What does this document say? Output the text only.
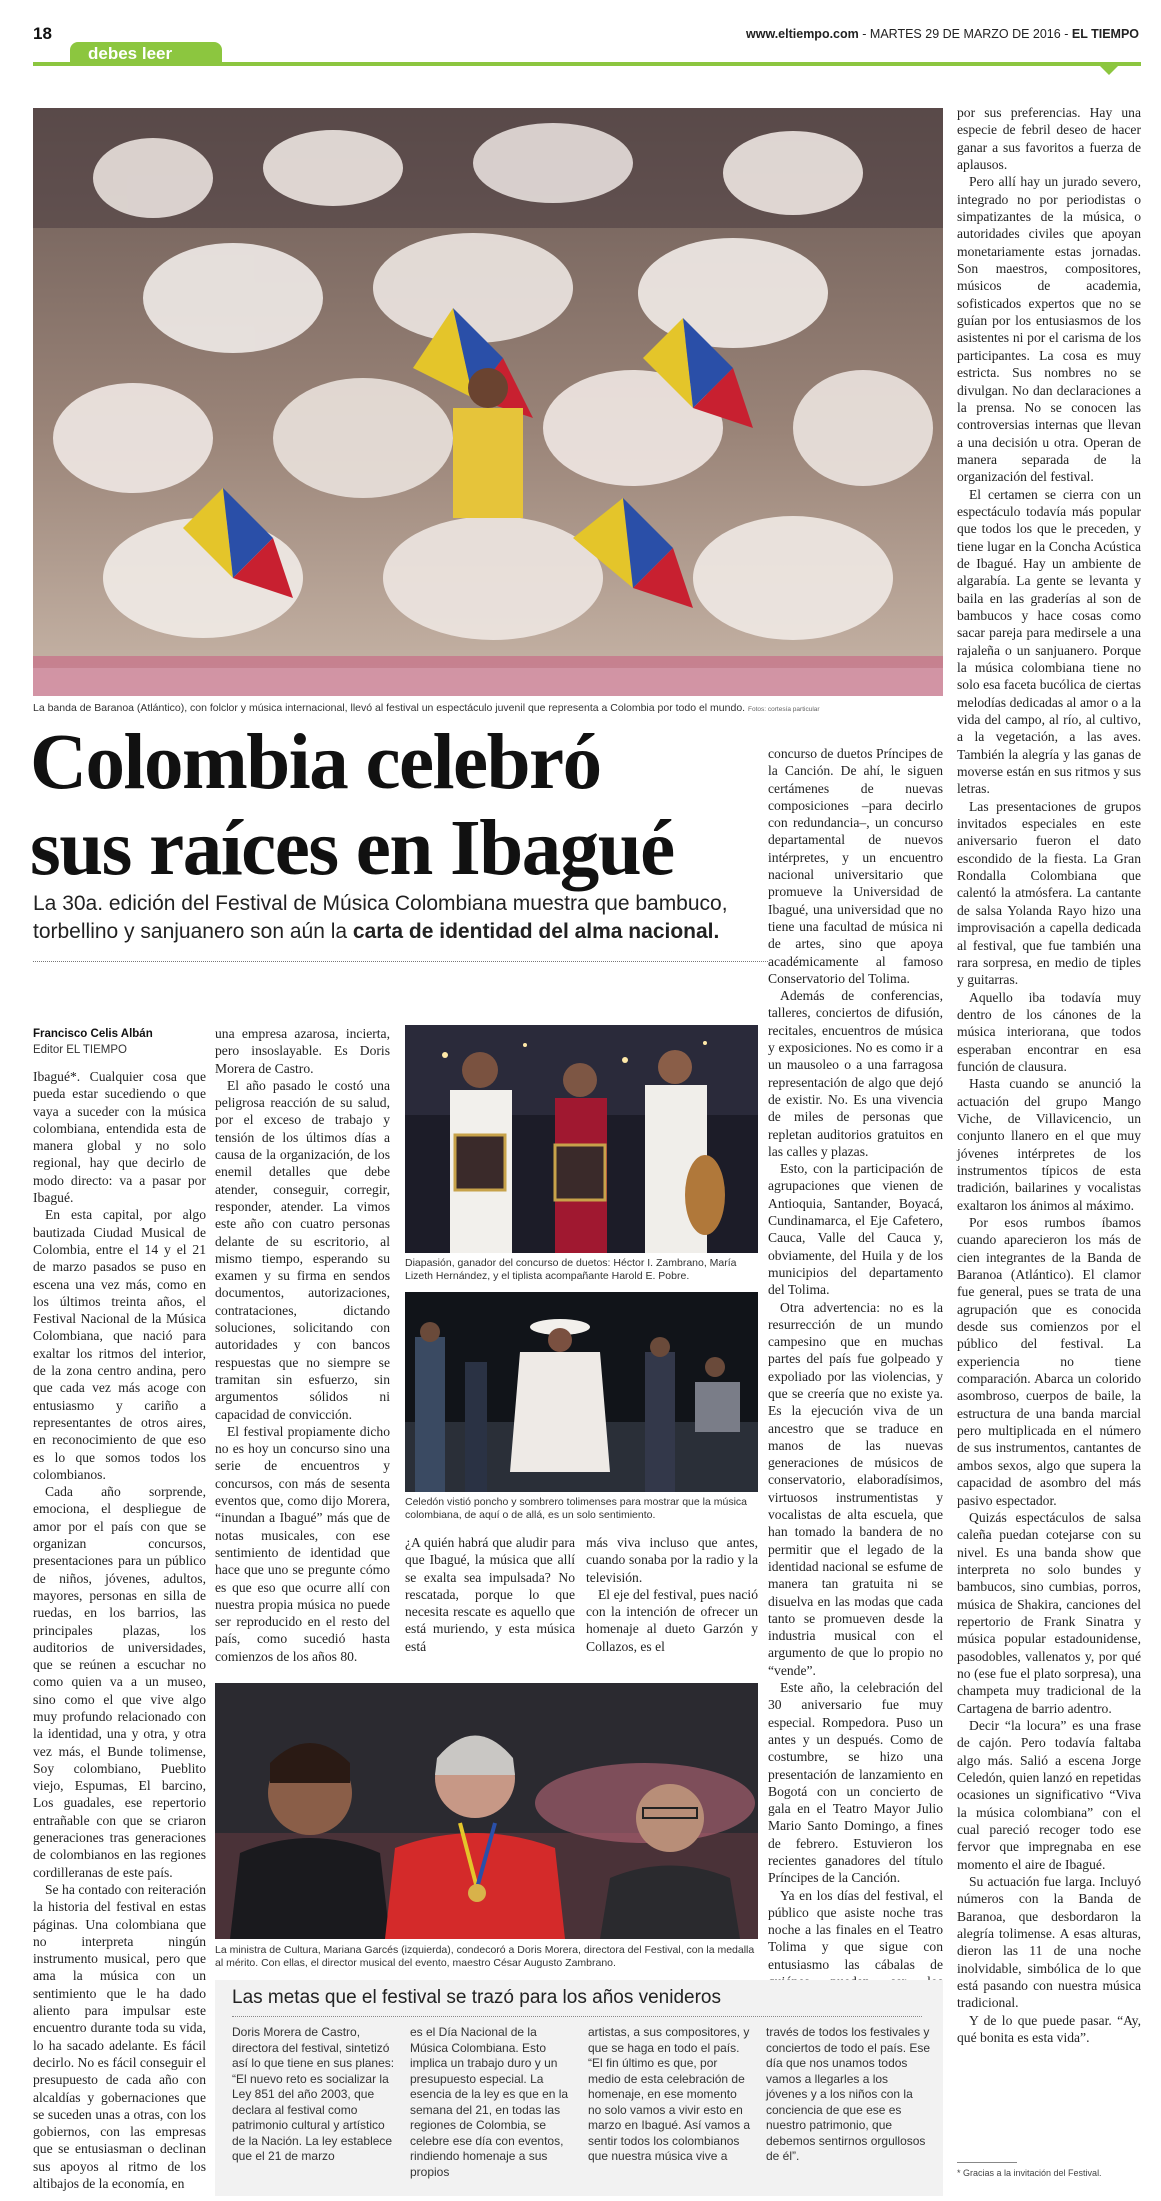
18	www.eltiempo.com - MARTES 29 DE MARZO DE 2016 - EL TIEMPO
debes leer
La banda de Baranoa (Atlántico), con folclor y música internacional, llevó al festival un espectáculo juvenil que representa a Colombia por todo el mundo. Fotos: cortesía particular
Colombia celebró
sus raíces en Ibagué
La 30a. edición del Festival de Música Colombiana muestra que bambuco, torbellino y sanjuanero son aún la carta de identidad del alma nacional.
Francisco Celis Albán
Editor EL TIEMPO

Ibagué*. Cualquier cosa que pueda estar sucediendo o que vaya a suceder con la música colombiana, entendida esta de manera global y no solo regional, hay que decirlo de modo directo: va a pasar por Ibagué.

En esta capital, por algo bautizada Ciudad Musical de Colombia, entre el 14 y el 21 de marzo pasados se puso en escena una vez más, como en los últimos treinta años, el Festival Nacional de la Música Colombiana, que nació para exaltar los ritmos del interior, de la zona centro andina, pero que cada vez más acoge con entusiasmo y cariño a representantes de otros aires, en reconocimiento de que eso es lo que somos todos los colombianos.

Cada año sorprende, emociona, el despliegue de amor por el país con que se organizan concursos, presentaciones para un público de niños, jóvenes, adultos, mayores, personas en silla de ruedas, en los barrios, las principales plazas, los auditorios de universidades, que se reúnen a escuchar no como quien va a un museo, sino como el que vive algo muy profundo relacionado con la identidad, una y otra, y otra vez más, el Bunde tolimense, Soy colombiano, Pueblito viejo, Espumas, El barcino, Los guadales, ese repertorio entrañable con que se criaron generaciones tras generaciones de colombianos en las regiones cordilleranas de este país.

Se ha contado con reiteración la historia del festival en estas páginas. Una colombiana que no interpreta ningún instrumento musical, pero que ama la música con un sentimiento que le ha dado aliento para impulsar este encuentro durante toda su vida, lo ha sacado adelante. Es fácil decirlo. No es fácil conseguir el presupuesto de cada año con alcaldías y gobernaciones que se suceden unas a otras, con los gobiernos, con las empresas que se entusiasman o declinan sus apoyos al ritmo de los altibajos de la economía, en

una empresa azarosa, incierta, pero insoslayable. Es Doris Morera de Castro.

El año pasado le costó una peligrosa reacción de su salud, por el exceso de trabajo y tensión de los últimos días a causa de la organización, de los enemil detalles que debe atender, conseguir, corregir, responder, atender. La vimos este año con cuatro personas delante de su escritorio, al mismo tiempo, esperando su examen y su firma en sendos documentos, autorizaciones, contrataciones, dictando soluciones, solicitando con autoridades y con bancos respuestas que no siempre se tramitan sin esfuerzo, sin argumentos sólidos ni capacidad de convicción.

El festival propiamente dicho no es hoy un concurso sino una serie de encuentros y concursos, con más de sesenta eventos que, como dijo Morera, “inundan a Ibagué” más que de notas musicales, con ese sentimiento de identidad que hace que uno se pregunte cómo es que eso que ocurre allí con nuestra propia música no puede ser reproducido en el resto del país, como sucedió hasta comienzos de los años 80.

Diapasión, ganador del concurso de duetos: Héctor I. Zambrano, María Lizeth Hernández, y el tiplista acompañante Harold E. Pobre.
Celedón vistió poncho y sombrero tolimenses para mostrar que la música colombiana, de aquí o de allá, es un solo sentimiento.

¿A quién habrá que aludir para que Ibagué, la música que allí se exalta sea impulsada? No rescatada, porque lo que necesita rescate es aquello que está muriendo, y esta música está

más viva incluso que antes, cuando sonaba por la radio y la televisión.

El eje del festival, pues nació con la intención de ofrecer un homenaje al dueto Garzón y Collazos, es el

La ministra de Cultura, Mariana Garcés (izquierda), condecoró a Doris Morera, directora del Festival, con la medalla al mérito. Con ellas, el director musical del evento, maestro César Augusto Zambrano.

concurso de duetos Príncipes de la Canción. De ahí, le siguen certámenes de nuevas composiciones –para decirlo con redundancia–, un concurso departamental de nuevos intérpretes, y un encuentro nacional universitario que promueve la Universidad de Ibagué, una universidad que no tiene una facultad de música ni de artes, sino que apoya académicamente al famoso Conservatorio del Tolima.

Además de conferencias, talleres, conciertos de difusión, recitales, encuentros de música y exposiciones. No es como ir a un mausoleo o a una farragosa representación de algo que dejó de existir. No. Es una vivencia de miles de personas que repletan auditorios gratuitos en las calles y plazas.

Esto, con la participación de agrupaciones que vienen de Antioquia, Santander, Boyacá, Cundinamarca, el Eje Cafetero, Cauca, Valle del Cauca y, obviamente, del Huila y de los municipios del departamento del Tolima.

Otra advertencia: no es la resurrección de un mundo campesino que en muchas partes del país fue golpeado y expoliado por las violencias, y que se creería que no existe ya. Es la ejecución viva de un ancestro que se traduce en manos de las nuevas generaciones de músicos de conservatorio, elaboradísimos, virtuosos instrumentistas y vocalistas de alta escuela, que han tomado la bandera de no permitir que el legado de la identidad nacional se esfume de manera tan gratuita ni se disuelva en las modas que cada tanto se promueven desde la industria musical con el argumento de que lo propio no “vende”.

Este año, la celebración del 30 aniversario fue muy especial. Rompedora. Puso un antes y un después. Como de costumbre, se hizo una presentación de lanzamiento en Bogotá con un concierto de gala en el Teatro Mayor Julio Mario Santo Domingo, a fines de febrero. Estuvieron los recientes ganadores del título Príncipes de la Canción.

Ya en los días del festival, el público que asiste noche tras noche a las finales en el Teatro Tolima y que sigue con entusiasmo las cábalas de

por sus preferencias. Hay una especie de febril deseo de hacer ganar a sus favoritos a fuerza de aplausos.

Pero allí hay un jurado severo, integrado no por periodistas o simpatizantes de la música, o autoridades civiles que apoyan monetariamente estas jornadas. Son maestros, compositores, músicos de academia, sofisticados expertos que no se guían por los entusiasmos de los asistentes ni por el carisma de los participantes. La cosa es muy estricta. Sus nombres no se divulgan. No dan declaraciones a la prensa. No se conocen las controversias internas que llevan a una decisión u otra. Operan de manera separada de la organización del festival.

El certamen se cierra con un espectáculo todavía más popular que todos los que le preceden, y tiene lugar en la Concha Acústica de Ibagué. Hay un ambiente de algarabía. La gente se levanta y baila en las graderías al son de bambucos y hace cosas como sacar pareja para medirsele a una rajaleña o un sanjuanero. Porque la música colombiana tiene no solo esa faceta bucólica de ciertas melodías dedicadas al amor o a la vida del campo, al río, al cultivo, a la vegetación, a las aves. También la alegría y las ganas de moverse están en sus ritmos y sus letras.

Las presentaciones de grupos invitados especiales en este aniversario fueron el dato escondido de la fiesta. La Gran Rondalla Colombiana que calentó la atmósfera. La cantante de salsa Yolanda Rayo hizo una improvisación a capella dedicada al festival, que fue también una rara sorpresa, en medio de tiples y guitarras.

Aquello iba todavía muy dentro de los cánones de la música interiorana, que todos esperaban encontrar en esa función de clausura.

Hasta cuando se anunció la actuación del grupo Mango Viche, de Villavicencio, un conjunto llanero en el que muy jóvenes intérpretes de los instrumentos típicos de esta tradición, bailarines y vocalistas exaltaron los ánimos al máximo.

Por esos rumbos íbamos cuando aparecieron los más de cien integrantes de la Banda de Baranoa (Atlántico). El clamor fue general, pues se trata de una agrupación que es conocida desde sus comienzos por el público del festival. La experiencia no tiene comparación. Abarca un colorido asombroso, cuerpos de baile, la estructura de una banda marcial pero multiplicada en el número de sus instrumentos, cantantes de ambos sexos, algo que supera la capacidad de asombro del más pasivo espectador.

Quizás espectáculos de salsa caleña puedan cotejarse con su nivel. Es una banda show que interpreta no solo bundes y bambucos, sino cumbias, porros, música de Shakira, canciones del repertorio de Frank Sinatra y música popular estadounidense, pasodobles, vallenatos y, por qué no (ese fue el plato sorpresa), una champeta muy tradicional de la Cartagena de barrio adentro.

Decir “la locura” es una frase de cajón. Pero todavía faltaba algo más. Salió a escena Jorge Celedón, quien lanzó en repetidas ocasiones un significativo “Viva la música colombiana” con el cual pareció recoger todo ese fervor que impregnaba en ese momento el aire de Ibagué.

Su actuación fue larga. Incluyó números con la Banda de Baranoa, que desbordaron la alegría tolimense. A esas alturas, dieron las 11 de una noche inolvidable, simbólica de lo que está pasando con nuestra música tradicional.

Y de lo que puede pasar. “Ay, qué bonita es esta vida”.

* Gracias a la invitación del Festival.
Las metas que el festival se trazó para los años venideros
Doris Morera de Castro, directora del festival, sintetizó así lo que tiene en sus planes: “El nuevo reto es socializar la Ley 851 del año 2003, que declara al festival como patrimonio cultural y artístico de la Nación. La ley establece que el 21 de marzo
es el Día Nacional de la Música Colombiana. Esto implica un trabajo duro y un presupuesto especial. La esencia de la ley es que en la semana del 21, en todas las regiones de Colombia, se celebre ese día con eventos, rindiendo homenaje a sus propios
artistas, a sus compositores, y que se haga en todo el país. “El fin último es que, por medio de esta celebración de homenaje, en ese momento no solo vamos a vivir esto en marzo en Ibagué. Así vamos a sentir todos los colombianos que nuestra música vive a
través de todos los festivales y conciertos de todo el país. Ese día que nos unamos todos vamos a llegarles a los jóvenes y a los niños con la conciencia de que ese es nuestro patrimonio, que debemos sentirnos orgullosos de él”.
